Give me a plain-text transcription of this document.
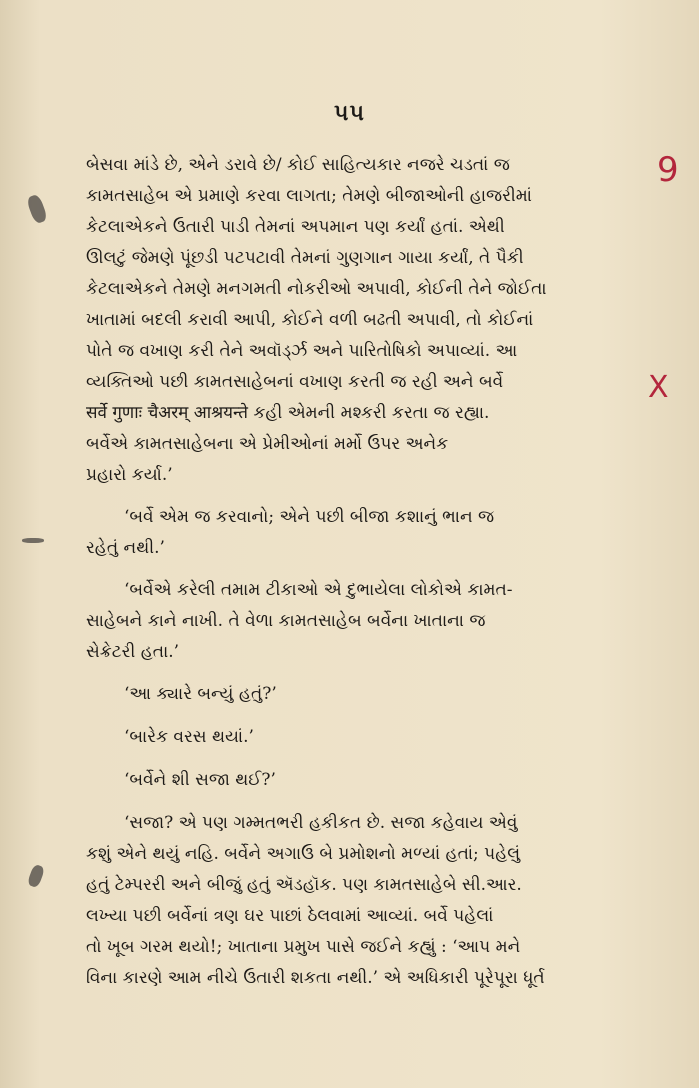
૫૫
9
X
બેસવા માંડે છે, એને ડરાવે છે/ કોઈ સાહિત્યકાર નજરે ચડતાં જ
કામતસાહેબ એ પ્રમાણે કરવા લાગતા; તેમણે બીજાઓની હાજરીમાં
કેટલાએકને ઉતારી પાડી તેમનાં અપમાન પણ કર્યાં હતાં. એથી
ઊલટું જેમણે પૂંછડી પટપટાવી તેમનાં ગુણગાન ગાયા કર્યાં, તે પૈકી
કેટલાએકને તેમણે મનગમતી નોકરીઓ અપાવી, કોઈની તેને જોઈતા
ખાતામાં બદલી કરાવી આપી, કોઈને વળી બઢતી અપાવી, તો કોઈનાં
પોતે જ વખાણ કરી તેને અવૉર્ડ્ઝ અને પારિતોષિકો અપાવ્યાં. આ
વ્યક્તિઓ પછી કામતસાહેબનાં વખાણ કરતી જ રહી અને બર્વે
सर्वे गुणाः चैअरम् आश्रयन्ते કહી એમની મશ્કરી કરતા જ રહ્યા.
બર્વેએ કામતસાહેબના એ પ્રેમીઓનાં મર્મો ઉપર અનેક
પ્રહારો કર્યા.’
‘બર્વે એમ જ કરવાનો; એને પછી બીજા કશાનું ભાન જ
રહેતું નથી.’
‘બર્વેએ કરેલી તમામ ટીકાઓ એ દુભાયેલા લોકોએ કામત-
સાહેબને કાને નાખી. તે વેળા કામતસાહેબ બર્વેના ખાતાના જ
સેક્રેટરી હતા.’
‘આ ક્યારે બન્યું હતું?’
‘બારેક વરસ થયાં.’
‘બર્વેને શી સજા થઈ?’
‘સજા? એ પણ ગમ્મતભરી હકીકત છે. સજા કહેવાય એવું
કશું એને થયું નહિ. બર્વેને અગાઉ બે પ્રમોશનો મળ્યાં હતાં; પહેલું
હતું ટેમ્પરરી અને બીજું હતું ઍડહૉક. પણ કામતસાહેબે સી.આર.
લખ્યા પછી બર્વેનાં ત્રણ ઘર પાછાં ઠેલવામાં આવ્યાં. બર્વે પહેલાં
તો ખૂબ ગરમ થયો!; ખાતાના પ્રમુખ પાસે જઈને કહ્યું : ‘આપ મને
વિના કારણે આમ નીચે ઉતારી શકતા નથી.’ એ અધિકારી પૂરેપૂરા ધૂર્ત
